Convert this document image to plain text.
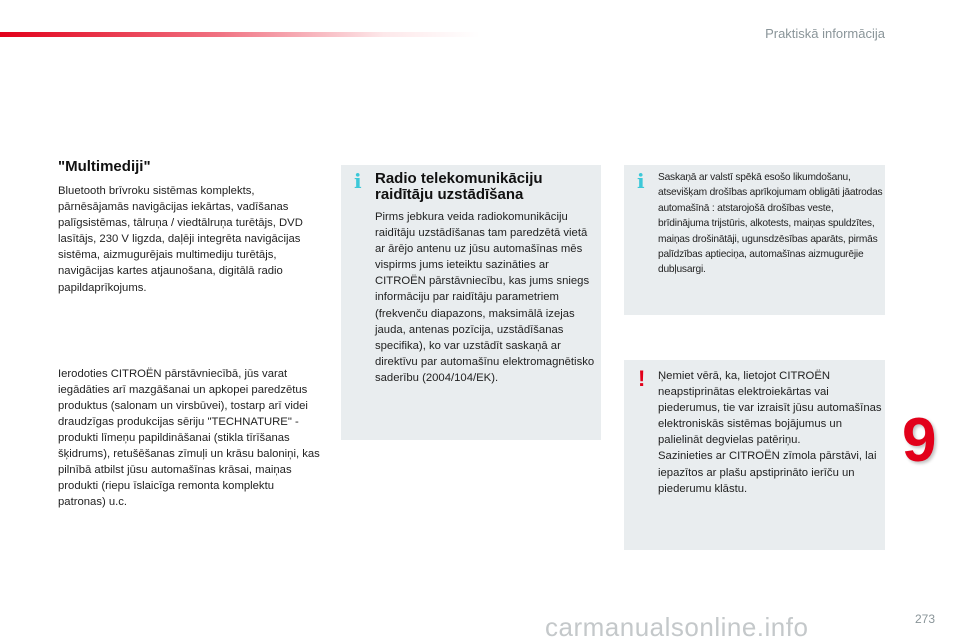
Praktiskā informācija
"Multimediji"

Bluetooth brīvroku sistēmas komplekts, pārnēsājamās navigācijas iekārtas, vadīšanas palīgsistēmas, tālruņa / viedtālruņa turētājs, DVD lasītājs, 230 V ligzda, daļēji integrēta navigācijas sistēma, aizmugurējais multimediju turētājs, navigācijas kartes atjaunošana, digitālā radio papildaprīkojums.

Ierodoties CITROËN pārstāvniecībā, jūs varat iegādāties arī mazgāšanai un apkopei paredzētus produktus (salonam un virsbūvei), tostarp arī videi draudzīgas produkcijas sēriju "TECHNATURE" - produkti līmeņu papildināšanai (stikla tīrīšanas šķidrums), retušēšanas zīmuļi un krāsu baloniņi, kas pilnībā atbilst jūsu automašīnas krāsai, maiņas produkti (riepu īslaicīga remonta komplektu patronas) u.c.

i Radio telekomunikāciju raidītāju uzstādīšana

Pirms jebkura veida radiokomunikāciju raidītāju uzstādīšanas tam paredzētā vietā ar ārējo antenu uz jūsu automašīnas mēs vispirms jums ieteiktu sazināties ar CITROËN pārstāvniecību, kas jums sniegs informāciju par raidītāju parametriem (frekvenču diapazons, maksimālā izejas jauda, antenas pozīcija, uzstādīšanas specifika), ko var uzstādīt saskaņā ar direktīvu par automašīnu elektromagnētisko saderību (2004/104/EK).

i Saskaņā ar valstī spēkā esošo likumdošanu, atsevišķam drošības aprīkojumam obligāti jāatrodas automašīnā : atstarojošā drošības veste, brīdinājuma trijstūris, alkotests, maiņas spuldzītes, maiņas drošinātāji, ugunsdzēsības aparāts, pirmās palīdzības aptieciņa, automašīnas aizmugurējie dubļusargi.

! Ņemiet vērā, ka, lietojot CITROËN neapstiprinātas elektroiekārtas vai piederumus, tie var izraisīt jūsu automašīnas elektroniskās sistēmas bojājumus un palielināt degvielas patēriņu.
Sazinieties ar CITROËN zīmola pārstāvi, lai iepazītos ar plašu apstiprināto ierīču un piederumu klāstu.

9
carmanualsonline.info	273
